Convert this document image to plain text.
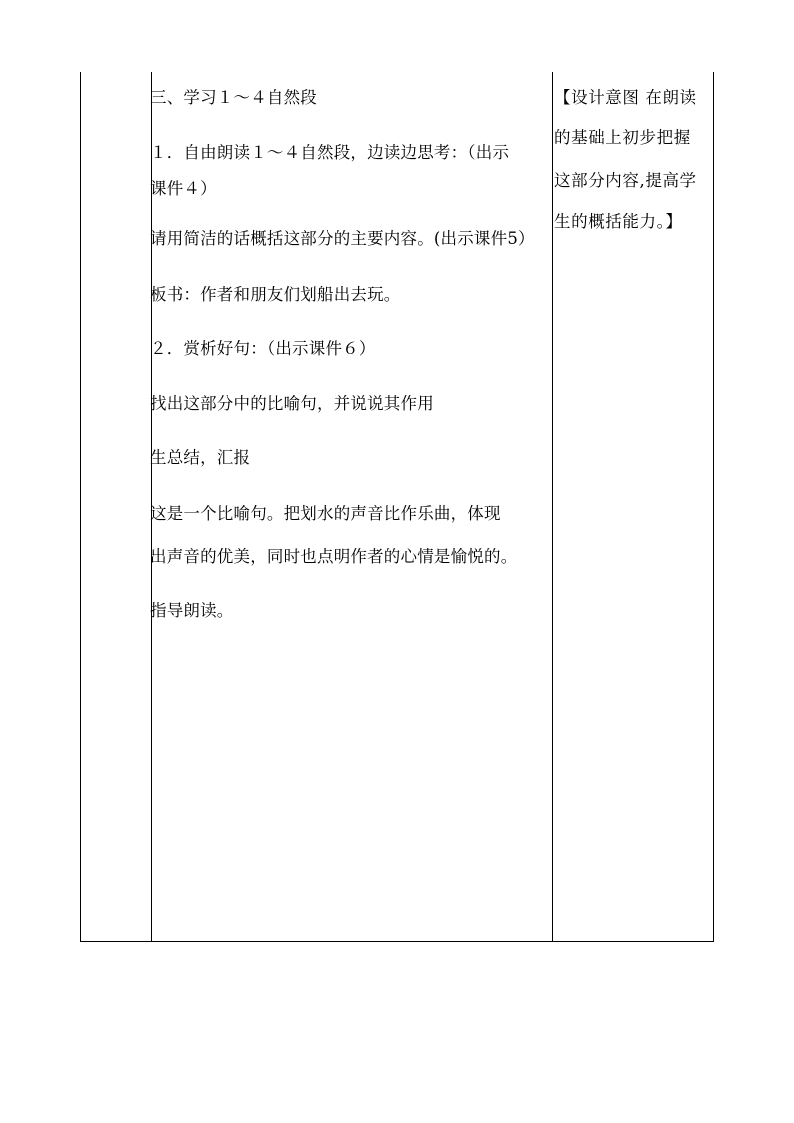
三、学习１～４自然段
１．自由朗读１～４自然段，边读边思考：（出示
课件４）
请用简洁的话概括这部分的主要内容。(出示课件5）
板书：作者和朋友们划船出去玩。
２．赏析好句：（出示课件６）
找出这部分中的比喻句，并说说其作用
生总结，汇报
这是一个比喻句。把划水的声音比作乐曲，体现
出声音的优美，同时也点明作者的心情是愉悦的。
指导朗读。
【设计意图 在朗读
的基础上初步把握
这部分内容,提高学
生的概括能力。】
